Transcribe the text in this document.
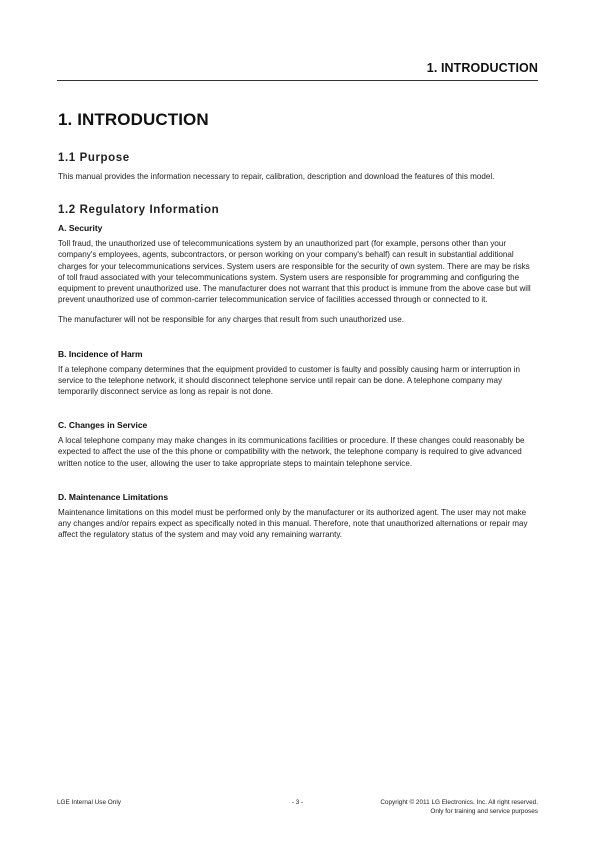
1. INTRODUCTION
1. INTRODUCTION
1.1 Purpose

This manual provides the information necessary to repair, calibration, description and download the features of this model.

1.2 Regulatory Information
A. Security

Toll fraud, the unauthorized use of telecommunications system by an unauthorized part (for example, persons other than your company's employees, agents, subcontractors, or person working on your company's behalf) can result in substantial additional charges for your telecommunications services. System users are responsible for the security of own system. There are may be risks of toll fraud associated with your telecommunications system. System users are responsible for programming and configuring the equipment to prevent unauthorized use. The manufacturer does not warrant that this product is immune from the above case but will prevent unauthorized use of common-carrier telecommunication service of facilities accessed through or connected to it.

The manufacturer will not be responsible for any charges that result from such unauthorized use.

B. Incidence of Harm

If a telephone company determines that the equipment provided to customer is faulty and possibly causing harm or interruption in service to the telephone network, it should disconnect telephone service until repair can be done. A telephone company may temporarily disconnect service as long as repair is not done.

C. Changes in Service

A local telephone company may make changes in its communications facilities or procedure. If these changes could reasonably be expected to affect the use of the this phone or compatibility with the network, the telephone company is required to give advanced written notice to the user, allowing the user to take appropriate steps to maintain telephone service.

D. Maintenance Limitations

Maintenance limitations on this model must be performed only by the manufacturer or its authorized agent. The user may not make any changes and/or repairs expect as specifically noted in this manual. Therefore, note that unauthorized alternations or repair may affect the regulatory status of the system and may void any remaining warranty.

LGE Internal Use Only	- 3 -	Copyright © 2011 LG Electronics. Inc. All right reserved.
Only for training and service purposes
